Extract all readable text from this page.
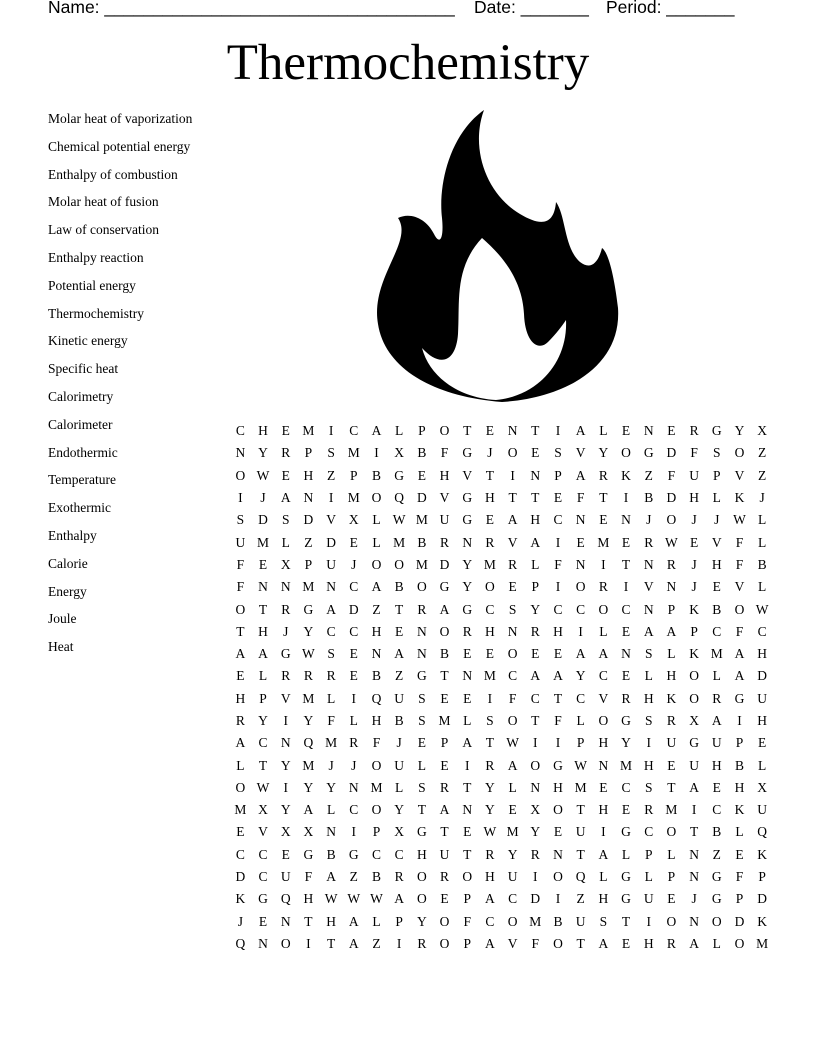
Name: ____________________________________ Date: _______ Period: _______
Thermochemistry
Molar heat of vaporization
Chemical potential energy
Enthalpy of combustion
Molar heat of fusion
Law of conservation
Enthalpy reaction
Potential energy
Thermochemistry
Kinetic energy
Specific heat
Calorimetry
Calorimeter
Endothermic
Temperature
Exothermic
Enthalpy
Calorie
Energy
Joule
Heat
C H	E M	I	C A	L	P	O	T	E	N	T	I	A	L	E	N	E	R G Y X
N Y R	P	S M	I	X B	F	G	J	O	E	S	V Y O G D	F	S	O	Z
O W E	H	Z	P	B G	E	H V	T	I	N	P	A R K	Z	F	U	P	V	Z
I	J	A N	I	M O Q D V G H	T	T	E	F	T	I	B D H	L	K	J
S	D	S	D V X	L W M U G	E	A H C N	E	N	J	O	J	J	W L
U M L	Z	D	E	L M B	R N R V A	I	E M E	R W E	V	F	L
F	E	X	P	U	J	O O M D Y M R	L	F	N	I	T	N R	J	H	F	B
F	N N M N C A B O G Y O	E	P	I	O R	I	V N	J	E	V	L
O	T	R G A D	Z	T	R A G C	S	Y C	C O C N	P	K B O W
T	H	J	Y C	C H	E	N O R H N R H	I	L	E	A A	P	C	F	C
A A G W S	E	N A N B	E	E	O	E	E	A A N	S	L	K M A H
E	L	R	R	R	E	B	Z	G	T	N M C A A Y C	E	L	H O	L	A D
H	P	V M L	I	Q U	S	E	E	I	F	C	T	C V R H K O R G U
R Y	I	Y	F	L	H B	S M L	S	O	T	F	L	O G	S	R X A	I	H
A C N Q M R	F	J	E	P	A	T W	I	I	P	H Y	I	U G U	P	E
L	T	Y M	J	J	O U	L	E	I	R A O G W N M H	E	U H B	L
O W	I	Y Y N M L	S	R	T	Y	L	N H M E	C	S	T	A	E	H X
M X Y A	L	C O Y	T	A N Y	E	X O	T	H	E	R M	I	C K U
E	V X X N	I	P	X G	T	E W M Y	E	U	I	G C O	T	B	L	Q
C	C	E	G B G C	C H U	T	R Y R N	T	A	L	P	L	N	Z	E	K
D C U	F	A	Z	B	R O R O H U	I	O Q	L	G	L	P	N G	F	P
K G Q H W W W A O	E	P	A C D	I	Z	H G U	E	J	G	P	D
J	E	N	T	H A	L	P	Y O	F	C O M B U	S	T	I	O N O D K
Q N O	I	T	A	Z	I	R O	P	A V	F	O	T	A	E	H R A	L	O M
